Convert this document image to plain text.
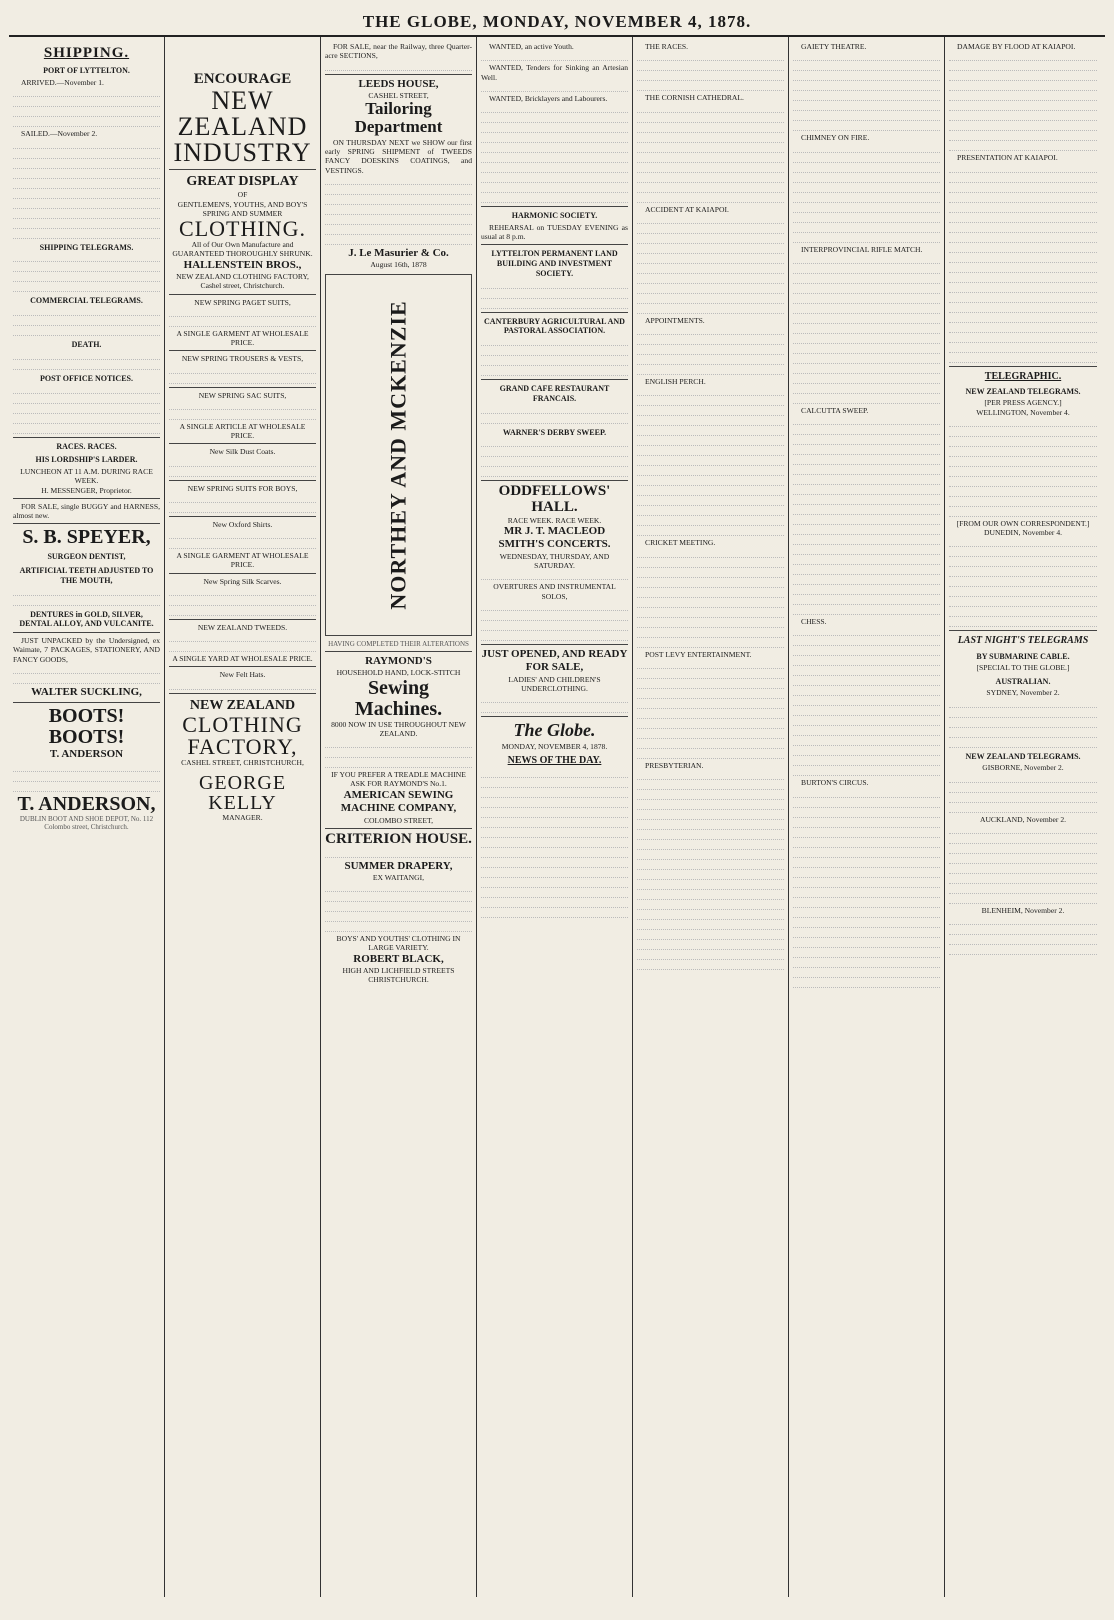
THE GLOBE, MONDAY, NOVEMBER 4, 1878.
SHIPPING.
PORT OF LYTTELTON.
ARRIVED.—November 1.
SAILED.—November 2.
SHIPPING TELEGRAMS.
COMMERCIAL TELEGRAMS.
DEATH.
POST OFFICE NOTICES.
RACES. RACES.
HIS LORDSHIP'S LARDER.
LUNCHEON AT 11 A.M. DURING RACE WEEK.
H. MESSENGER, Proprietor.
FOR SALE, single BUGGY and HARNESS, almost new.
S. B. SPEYER,
SURGEON DENTIST,
ARTIFICIAL TEETH ADJUSTED TO THE MOUTH,
DENTURES in GOLD, SILVER, DENTAL ALLOY, AND VULCANITE.
JUST UNPACKED by the Undersigned, ex Waimate, 7 PACKAGES, STATIONERY, AND FANCY GOODS,
WALTER SUCKLING,
BOOTS! BOOTS!
T. ANDERSON
T. ANDERSON,
DUBLIN BOOT AND SHOE DEPOT, No. 112 Colombo street, Christchurch.
ENCOURAGE
NEW ZEALAND
INDUSTRY
GREAT DISPLAY
OF
GENTLEMEN'S, YOUTHS, AND BOY'S
SPRING AND SUMMER
CLOTHING.
All of Our Own Manufacture and
GUARANTEED THOROUGHLY SHRUNK.
HALLENSTEIN BROS.,
NEW ZEALAND CLOTHING FACTORY,
Cashel street, Christchurch.
NEW SPRING PAGET SUITS,
A SINGLE GARMENT AT WHOLESALE PRICE.
NEW SPRING TROUSERS & VESTS,
NEW SPRING SAC SUITS,
A SINGLE ARTICLE AT WHOLESALE PRICE.
New Silk Dust Coats.
NEW SPRING SUITS FOR BOYS,
New Oxford Shirts.
A SINGLE GARMENT AT WHOLESALE PRICE.
New Spring Silk Scarves.
NEW ZEALAND TWEEDS.
A SINGLE YARD AT WHOLESALE PRICE.
New Felt Hats.
NEW ZEALAND
CLOTHING FACTORY,
CASHEL STREET, CHRISTCHURCH,
GEORGE KELLY
MANAGER.
FOR SALE, near the Railway, three Quarter-acre SECTIONS,
LEEDS HOUSE,
CASHEL STREET,
Tailoring Department
ON THURSDAY NEXT we SHOW our first early SPRING SHIPMENT of TWEEDS FANCY DOESKINS COATINGS, and VESTINGS.
J. Le Masurier & Co.
August 16th, 1878
NORTHEY AND MCKENZIE
HAVING COMPLETED THEIR ALTERATIONS
RAYMOND'S
HOUSEHOLD HAND, LOCK-STITCH
Sewing Machines.
8000 NOW IN USE THROUGHOUT NEW ZEALAND.
IF YOU PREFER A TREADLE MACHINE ASK FOR RAYMOND'S No.1.
AMERICAN SEWING MACHINE COMPANY,
COLOMBO STREET,
CRITERION HOUSE.
SUMMER DRAPERY,
EX WAITANGI,
BOYS' AND YOUTHS' CLOTHING IN LARGE VARIETY.
ROBERT BLACK,
HIGH AND LICHFIELD STREETS CHRISTCHURCH.
WANTED, an active Youth.
WANTED, Tenders for Sinking an Artesian Well.
WANTED, Bricklayers and Labourers.
HARMONIC SOCIETY.
REHEARSAL on TUESDAY EVENING as usual at 8 p.m.
LYTTELTON PERMANENT LAND BUILDING AND INVESTMENT SOCIETY.
CANTERBURY AGRICULTURAL AND PASTORAL ASSOCIATION.
GRAND CAFE RESTAURANT FRANCAIS.
WARNER'S DERBY SWEEP.
ODDFELLOWS' HALL.
RACE WEEK. RACE WEEK.
MR J. T. MACLEOD SMITH'S CONCERTS.
WEDNESDAY, THURSDAY, AND SATURDAY.
OVERTURES AND INSTRUMENTAL SOLOS,
JUST OPENED, AND READY FOR SALE,
LADIES' AND CHILDREN'S UNDERCLOTHING.
The Globe.
MONDAY, NOVEMBER 4, 1878.
NEWS OF THE DAY.
THE RACES.
THE CORNISH CATHEDRAL.
ACCIDENT AT KAIAPOI.
APPOINTMENTS.
ENGLISH PERCH.
CRICKET MEETING.
POST LEVY ENTERTAINMENT.
PRESBYTERIAN.
GAIETY THEATRE.
CHIMNEY ON FIRE.
INTERPROVINCIAL RIFLE MATCH.
CALCUTTA SWEEP.
CHESS.
BURTON'S CIRCUS.
DAMAGE BY FLOOD AT KAIAPOI.
PRESENTATION AT KAIAPOI.
TELEGRAPHIC.
NEW ZEALAND TELEGRAMS.
[PER PRESS AGENCY.]
WELLINGTON, November 4.
[FROM OUR OWN CORRESPONDENT.]
DUNEDIN, November 4.
LAST NIGHT'S TELEGRAMS
BY SUBMARINE CABLE.
[SPECIAL TO THE GLOBE.]
AUSTRALIAN.
SYDNEY, November 2.
NEW ZEALAND TELEGRAMS.
GISBORNE, November 2.
AUCKLAND, November 2.
BLENHEIM, November 2.
